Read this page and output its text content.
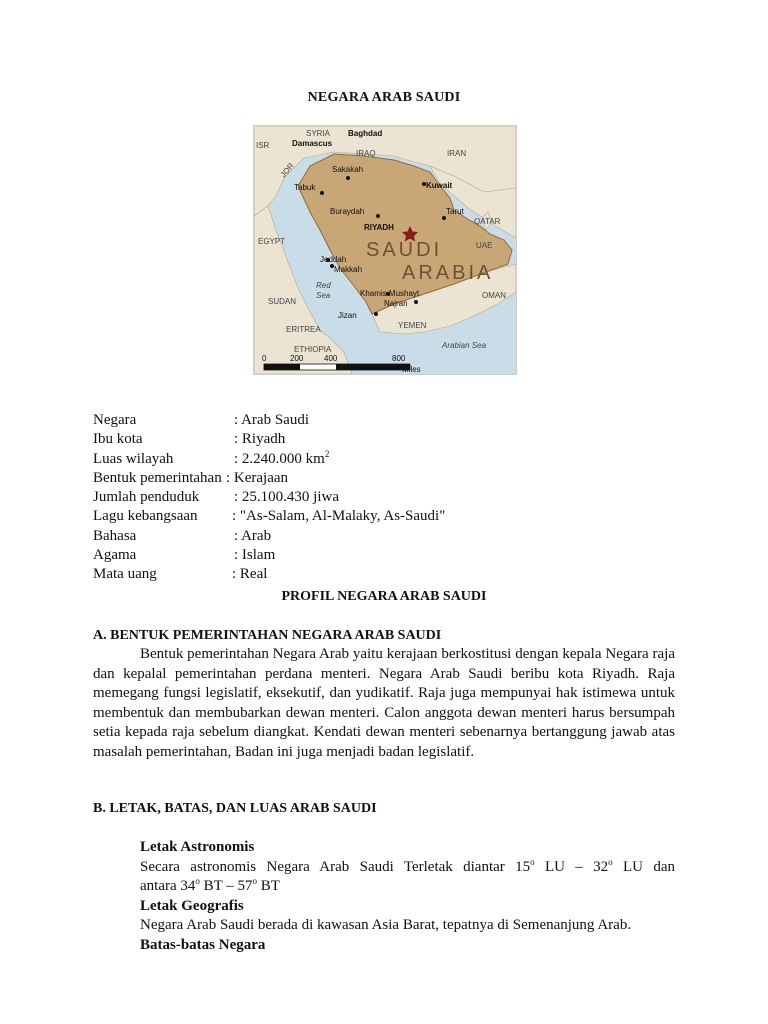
NEGARA ARAB SAUDI
SYRIA
ISR
JOR
IRAQ	IRAN
QATAR
EGYPT	UAE
OMAN
SUDAN
YEMEN
ERITREA
ETHIOPIA	Arabian Sea
Red
Sea
Baghdad
Damascus
Sakakah
Tabuk	Kuwait
Buraydah	Tarut
RIYADH
Jeddah
Makkah
Khamis Mushayt
Najran
Jizan
SAUDI
ARABIA
0	200	400	800
Miles
Negara	: Arab Saudi
Ibu kota	: Riyadh
Luas wilayah	: 2.240.000 $km^2$
Bentuk pemerintahan : Kerajaan
Jumlah penduduk : 25.100.430 jiwa
Lagu kebangsaan : "As-Salam, Al-Malaky, As-Saudi"
Bahasa	: Arab
Agama	: Islam
Mata uang	: Real
PROFIL NEGARA ARAB SAUDI
A. BENTUK PEMERINTAHAN NEGARA ARAB SAUDI
Bentuk pemerintahan Negara Arab yaitu kerajaan berkostitusi dengan kepala Negara raja dan kepalal pemerintahan perdana menteri. Negara Arab Saudi beribu kota Riyadh. Raja memegang fungsi legislatif, eksekutif, dan yudikatif. Raja juga mempunyai hak istimewa untuk membentuk dan membubarkan dewan menteri. Calon anggota dewan menteri harus bersumpah setia kepada raja sebelum diangkat. Kendati dewan menteri sebenarnya bertanggung jawab atas masalah pemerintahan, Badan ini juga menjadi badan legislatif.
B. LETAK, BATAS, DAN LUAS ARAB SAUDI

Letak Astronomis

Secara astronomis Negara Arab Saudi Terletak diantar 15$^o$ LU – 32$^o$ LU dan

antara 34$^o$ BT – 57$^o$ BT

Letak Geografis

Negara Arab Saudi berada di kawasan Asia Barat, tepatnya di Semenanjung Arab.

Batas-batas Negara
